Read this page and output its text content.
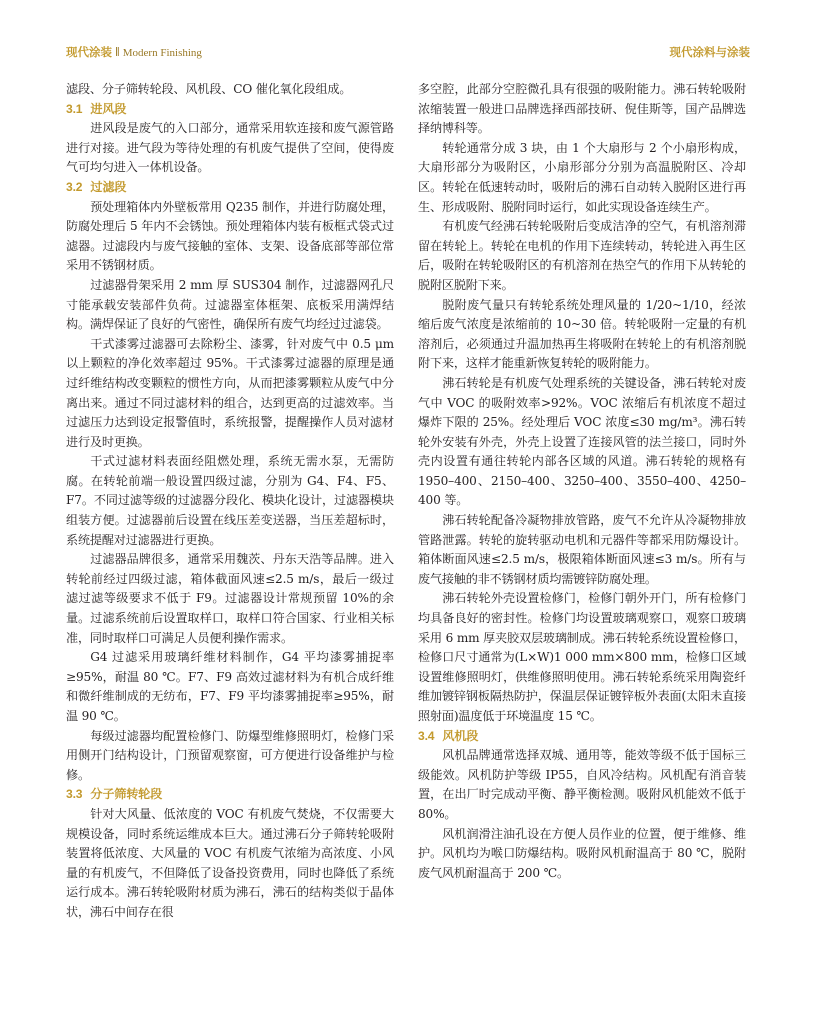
现代涂装 ‖ Modern Finishing	现代涂料与涂装

滤段、分子筛转轮段、风机段、CO 催化氧化段组成。

3.1 进风段

进风段是废气的入口部分，通常采用软连接和废气源管路进行对接。进气段为等待处理的有机废气提供了空间，使得废气可均匀进入一体机设备。

3.2 过滤段

预处理箱体内外壁板常用 Q235 制作，并进行防腐处理，防腐处理后 5 年内不会锈蚀。预处理箱体内装有板框式袋式过滤器。过滤段内与废气接触的室体、支架、设备底部等部位常采用不锈钢材质。

过滤器骨架采用 2 mm 厚 SUS304 制作，过滤器网孔尺寸能承载安装部件负荷。过滤器室体框架、底板采用满焊结构。满焊保证了良好的气密性，确保所有废气均经过过滤袋。

干式漆雾过滤器可去除粉尘、漆雾，针对废气中 0.5 μm 以上颗粒的净化效率超过 95%。干式漆雾过滤器的原理是通过纤维结构改变颗粒的惯性方向，从而把漆雾颗粒从废气中分离出来。通过不同过滤材料的组合，达到更高的过滤效率。当过滤压力达到设定报警值时，系统报警，提醒操作人员对滤材进行及时更换。

干式过滤材料表面经阻燃处理，系统无需水泵，无需防腐。在转轮前端一般设置四级过滤，分别为 G4、F4、F5、F7。不同过滤等级的过滤器分段化、模块化设计，过滤器模块组装方便。过滤器前后设置在线压差变送器，当压差超标时，系统提醒对过滤器进行更换。

过滤器品牌很多，通常采用魏茨、丹东天浩等品牌。进入转轮前经过四级过滤，箱体截面风速≤2.5 m/s，最后一级过滤过滤等级要求不低于 F9。过滤器设计常规预留 10%的余量。过滤系统前后设置取样口，取样口符合国家、行业相关标准，同时取样口可满足人员便利操作需求。

G4 过滤采用玻璃纤维材料制作，G4 平均漆雾捕捉率≥95%，耐温 80 ℃。F7、F9 高效过滤材料为有机合成纤维和微纤维制成的无纺布，F7、F9 平均漆雾捕捉率≥95%，耐温 90 ℃。

每级过滤器均配置检修门、防爆型维修照明灯，检修门采用侧开门结构设计，门预留观察窗，可方便进行设备维护与检修。

3.3 分子筛转轮段

针对大风量、低浓度的 VOC 有机废气焚烧，不仅需要大规模设备，同时系统运维成本巨大。通过沸石分子筛转轮吸附装置将低浓度、大风量的 VOC 有机废气浓缩为高浓度、小风量的有机废气，不但降低了设备投资费用，同时也降低了系统运行成本。沸石转轮吸附材质为沸石，沸石的结构类似于晶体状，沸石中间存在很

多空腔，此部分空腔微孔具有很强的吸附能力。沸石转轮吸附浓缩装置一般进口品牌选择西部技研、倪佳斯等，国产品牌选择纳博科等。

转轮通常分成 3 块，由 1 个大扇形与 2 个小扇形构成，大扇形部分为吸附区，小扇形部分分别为高温脱附区、冷却区。转轮在低速转动时，吸附后的沸石自动转入脱附区进行再生、形成吸附、脱附同时运行，如此实现设备连续生产。

有机废气经沸石转轮吸附后变成洁净的空气，有机溶剂滞留在转轮上。转轮在电机的作用下连续转动，转轮进入再生区后，吸附在转轮吸附区的有机溶剂在热空气的作用下从转轮的脱附区脱附下来。

脱附废气量只有转轮系统处理风量的 1/20~1/10，经浓缩后废气浓度是浓缩前的 10~30 倍。转轮吸附一定量的有机溶剂后，必须通过升温加热再生将吸附在转轮上的有机溶剂脱附下来，这样才能重新恢复转轮的吸附能力。

沸石转轮是有机废气处理系统的关键设备，沸石转轮对废气中 VOC 的吸附效率>92%。VOC 浓缩后有机浓度不超过爆炸下限的 25%。经处理后 VOC 浓度≤30 mg/m³。沸石转轮外安装有外壳，外壳上设置了连接风管的法兰接口，同时外壳内设置有通往转轮内部各区域的风道。沸石转轮的规格有 1950–400、2150–400、3250–400、3550–400、4250–400 等。

沸石转轮配备冷凝物排放管路，废气不允许从冷凝物排放管路泄露。转轮的旋转驱动电机和元器件等都采用防爆设计。箱体断面风速≤2.5 m/s，极限箱体断面风速≤3 m/s。所有与废气接触的非不锈钢材质均需镀锌防腐处理。

沸石转轮外壳设置检修门，检修门朝外开门，所有检修门均具备良好的密封性。检修门均设置玻璃观察口，观察口玻璃采用 6 mm 厚夹胶双层玻璃制成。沸石转轮系统设置检修口，检修口尺寸通常为(L×W)1 000 mm×800 mm，检修口区域设置维修照明灯，供维修照明使用。沸石转轮系统采用陶瓷纤维加镀锌钢板隔热防护，保温层保证镀锌板外表面(太阳未直接照射面)温度低于环境温度 15 ℃。

3.4 风机段

风机品牌通常选择双城、通用等，能效等级不低于国标三级能效。风机防护等级 IP55，自风冷结构。风机配有消音装置，在出厂时完成动平衡、静平衡检测。吸附风机能效不低于 80%。

风机润滑注油孔设在方便人员作业的位置，便于维修、维护。风机均为喉口防爆结构。吸附风机耐温高于 80 ℃，脱附废气风机耐温高于 200 ℃。
